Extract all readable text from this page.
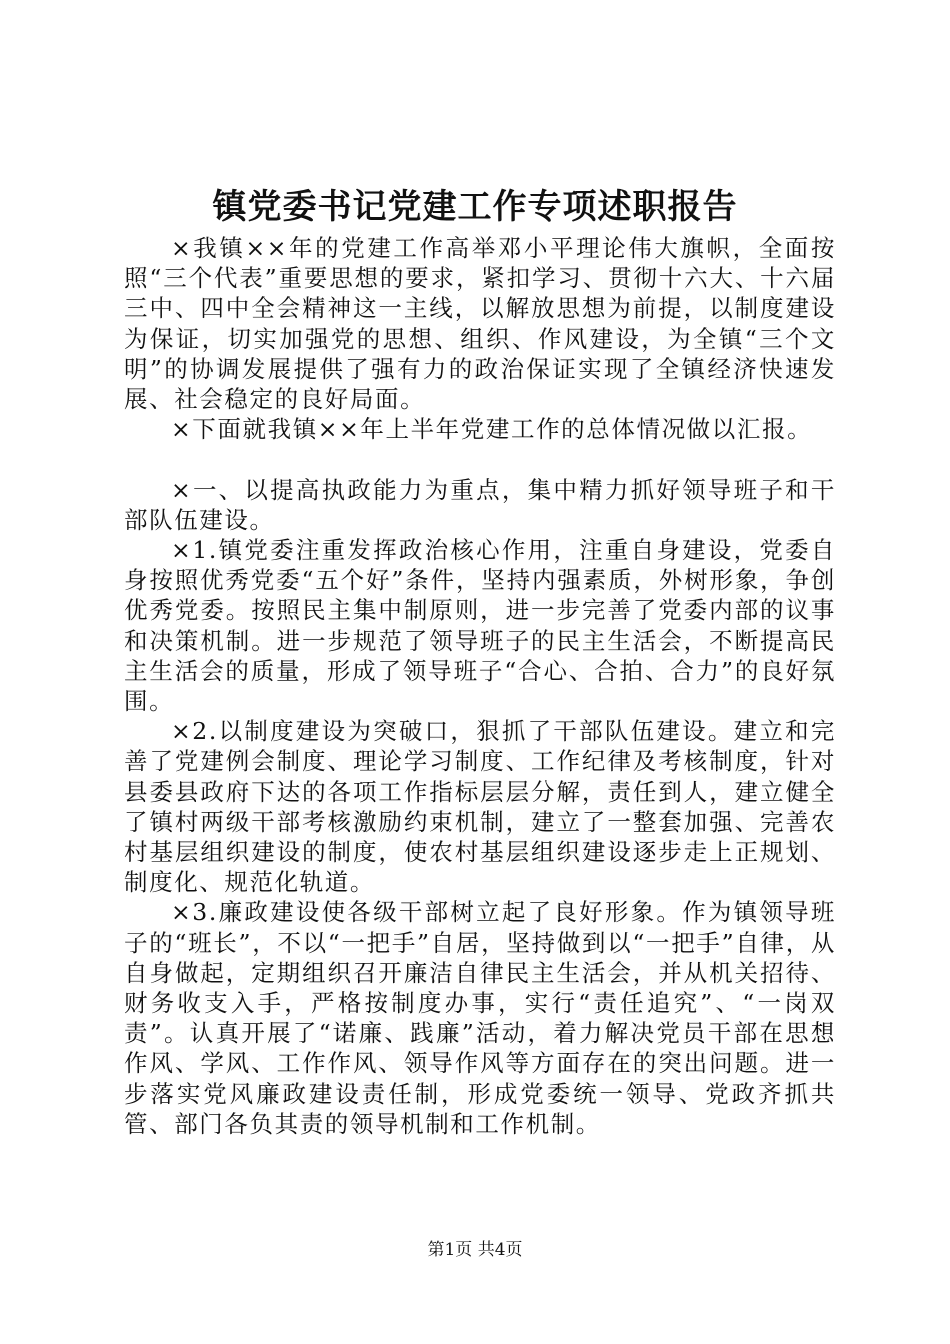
镇党委书记党建工作专项述职报告

×我镇××年的党建工作高举邓小平理论伟大旗帜，全面按照“三个代表”重要思想的要求，紧扣学习、贯彻十六大、十六届三中、四中全会精神这一主线，以解放思想为前提，以制度建设为保证，切实加强党的思想、组织、作风建设，为全镇“三个文明”的协调发展提供了强有力的政治保证实现了全镇经济快速发展、社会稳定的良好局面。

×下面就我镇××年上半年党建工作的总体情况做以汇报。

×一、以提高执政能力为重点，集中精力抓好领导班子和干部队伍建设。

×1.镇党委注重发挥政治核心作用，注重自身建设，党委自身按照优秀党委“五个好”条件，坚持内强素质，外树形象，争创优秀党委。按照民主集中制原则，进一步完善了党委内部的议事和决策机制。进一步规范了领导班子的民主生活会，不断提高民主生活会的质量，形成了领导班子“合心、合拍、合力”的良好氛围。

×2.以制度建设为突破口，狠抓了干部队伍建设。建立和完善了党建例会制度、理论学习制度、工作纪律及考核制度，针对县委县政府下达的各项工作指标层层分解，责任到人，建立健全了镇村两级干部考核激励约束机制，建立了一整套加强、完善农村基层组织建设的制度，使农村基层组织建设逐步走上正规划、制度化、规范化轨道。

×3.廉政建设使各级干部树立起了良好形象。作为镇领导班子的“班长”，不以“一把手”自居，坚持做到以“一把手”自律，从自身做起，定期组织召开廉洁自律民主生活会，并从机关招待、财务收支入手，严格按制度办事，实行“责任追究”、“一岗双责”。认真开展了“诺廉、践廉”活动，着力解决党员干部在思想作风、学风、工作作风、领导作风等方面存在的突出问题。进一步落实党风廉政建设责任制，形成党委统一领导、党政齐抓共管、部门各负其责的领导机制和工作机制。

第1页 共4页
